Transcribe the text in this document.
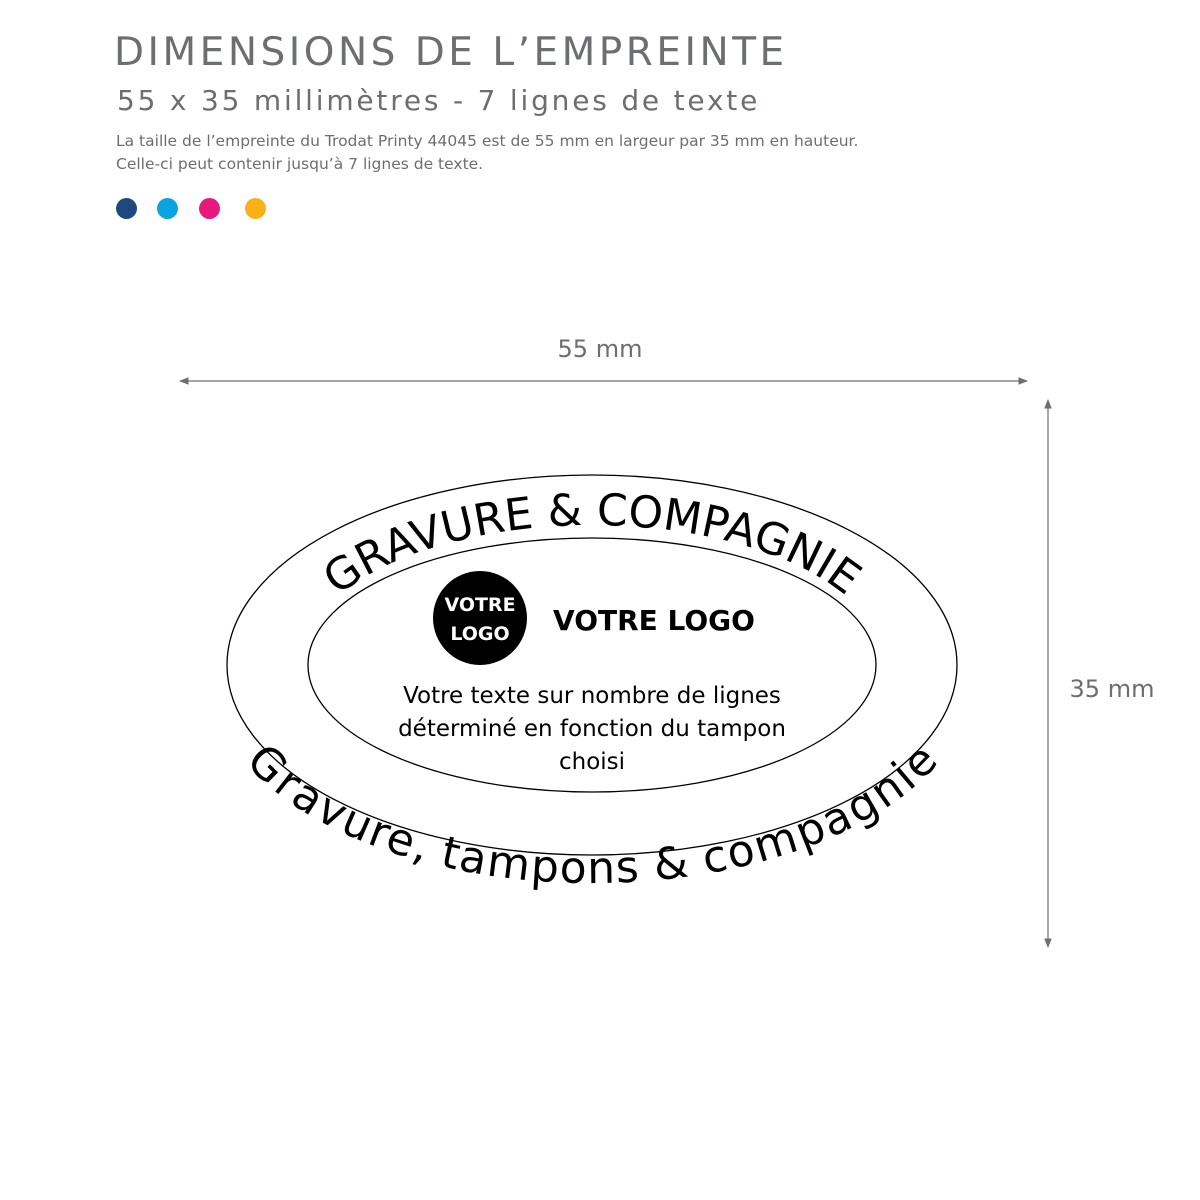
DIMENSIONS DE L’EMPREINTE
55 x 35 millimètres - 7 lignes de texte
La taille de l’empreinte du Trodat Printy 44045 est de 55 mm en largeur par 35 mm en hauteur.
Celle-ci peut contenir jusqu’à 7 lignes de texte.
55 mm
35 mm
GRAVURE & COMPAGNIE
Gravure, tampons & compagnie
VOTRE
LOGO VOTRE LOGO
Votre texte sur nombre de lignes
déterminé en fonction du tampon
choisi
